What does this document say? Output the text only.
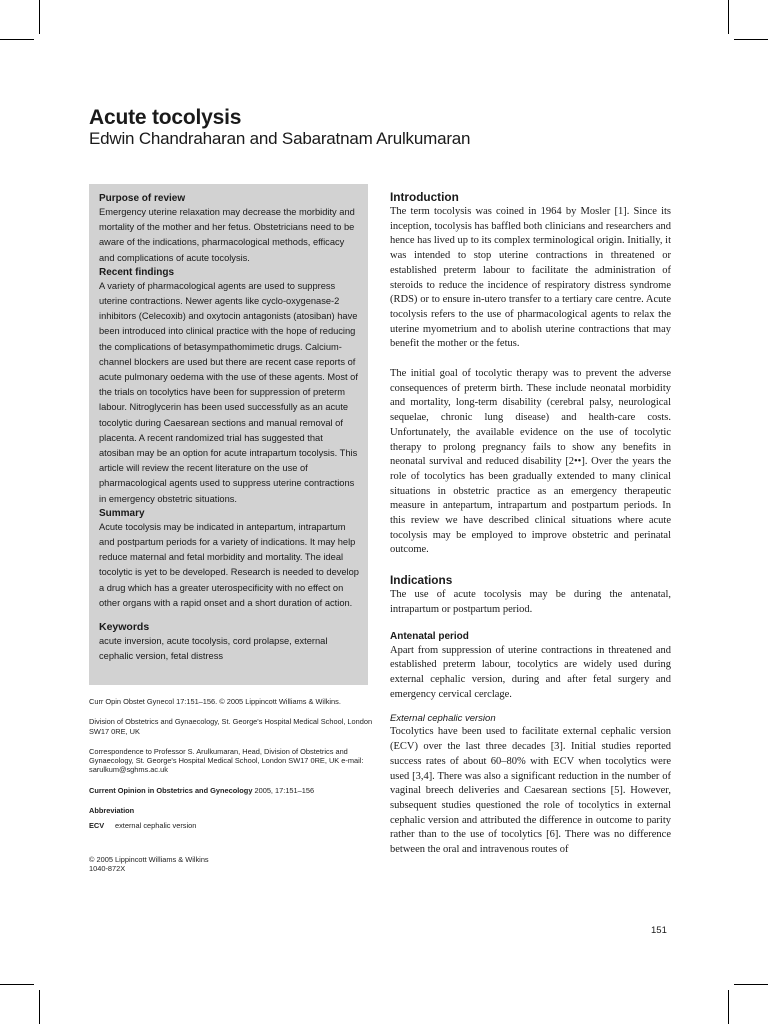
Acute tocolysis

Edwin Chandraharan and Sabaratnam Arulkumaran

Purpose of review

Emergency uterine relaxation may decrease the morbidity and mortality of the mother and her fetus. Obstetricians need to be aware of the indications, pharmacological methods, efficacy and complications of acute tocolysis.

Recent findings

A variety of pharmacological agents are used to suppress uterine contractions. Newer agents like cyclo-oxygenase-2 inhibitors (Celecoxib) and oxytocin antagonists (atosiban) have been introduced into clinical practice with the hope of reducing the complications of betasympathomimetic drugs. Calcium-channel blockers are used but there are recent case reports of acute pulmonary oedema with the use of these agents. Most of the trials on tocolytics have been for suppression of preterm labour. Nitroglycerin has been used successfully as an acute tocolytic during Caesarean sections and manual removal of placenta. A recent randomized trial has suggested that atosiban may be an option for acute intrapartum tocolysis. This article will review the recent literature on the use of pharmacological agents used to suppress uterine contractions in emergency obstetric situations.

Summary

Acute tocolysis may be indicated in antepartum, intrapartum and postpartum periods for a variety of indications. It may help reduce maternal and fetal morbidity and mortality. The ideal tocolytic is yet to be developed. Research is needed to develop a drug which has a greater uterospecificity with no effect on other organs with a rapid onset and a short duration of action.

Keywords

acute inversion, acute tocolysis, cord prolapse, external cephalic version, fetal distress

Curr Opin Obstet Gynecol 17:151–156. © 2005 Lippincott Williams & Wilkins.

Division of Obstetrics and Gynaecology, St. George's Hospital Medical School, London SW17 0RE, UK

Correspondence to Professor S. Arulkumaran, Head, Division of Obstetrics and Gynaecology, St. George's Hospital Medical School, London SW17 0RE, UK e-mail: sarulkum@sghms.ac.uk

Current Opinion in Obstetrics and Gynecology 2005, 17:151–156

Abbreviation

ECV external cephalic version

© 2005 Lippincott Williams & Wilkins
1040-872X

Introduction

The term tocolysis was coined in 1964 by Mosler [1]. Since its inception, tocolysis has baffled both clinicians and researchers and hence has lived up to its complex terminological origin. Initially, it was intended to stop uterine contractions in threatened or established preterm labour to facilitate the administration of steroids to reduce the incidence of respiratory distress syndrome (RDS) or to ensure in-utero transfer to a tertiary care centre. Acute tocolysis refers to the use of pharmacological agents to relax the uterine myometrium and to abolish uterine contractions that may benefit the mother or the fetus.

The initial goal of tocolytic therapy was to prevent the adverse consequences of preterm birth. These include neonatal morbidity and mortality, long-term disability (cerebral palsy, neurological sequelae, chronic lung disease) and health-care costs. Unfortunately, the available evidence on the use of tocolytic therapy to prolong pregnancy fails to show any benefits in neonatal survival and reduced disability [2••]. Over the years the role of tocolytics has been gradually extended to many clinical situations in obstetric practice as an emergency therapeutic measure in antepartum, intrapartum and postpartum periods. In this review we have described clinical situations where acute tocolysis may be employed to improve obstetric and perinatal outcome.

Indications

The use of acute tocolysis may be during the antenatal, intrapartum or postpartum period.

Antenatal period

Apart from suppression of uterine contractions in threatened and established preterm labour, tocolytics are widely used during external cephalic version, during and after fetal surgery and emergency cervical cerclage.

External cephalic version

Tocolytics have been used to facilitate external cephalic version (ECV) over the last three decades [3]. Initial studies reported success rates of about 60–80% with ECV when tocolytics were used [3,4]. There was also a significant reduction in the number of vaginal breech deliveries and Caesarean sections [5]. However, subsequent studies questioned the role of tocolytics in external cephalic version and attributed the difference in outcome to parity rather than to the use of tocolytics [6]. There was no difference between the oral and intravenous routes of

151
